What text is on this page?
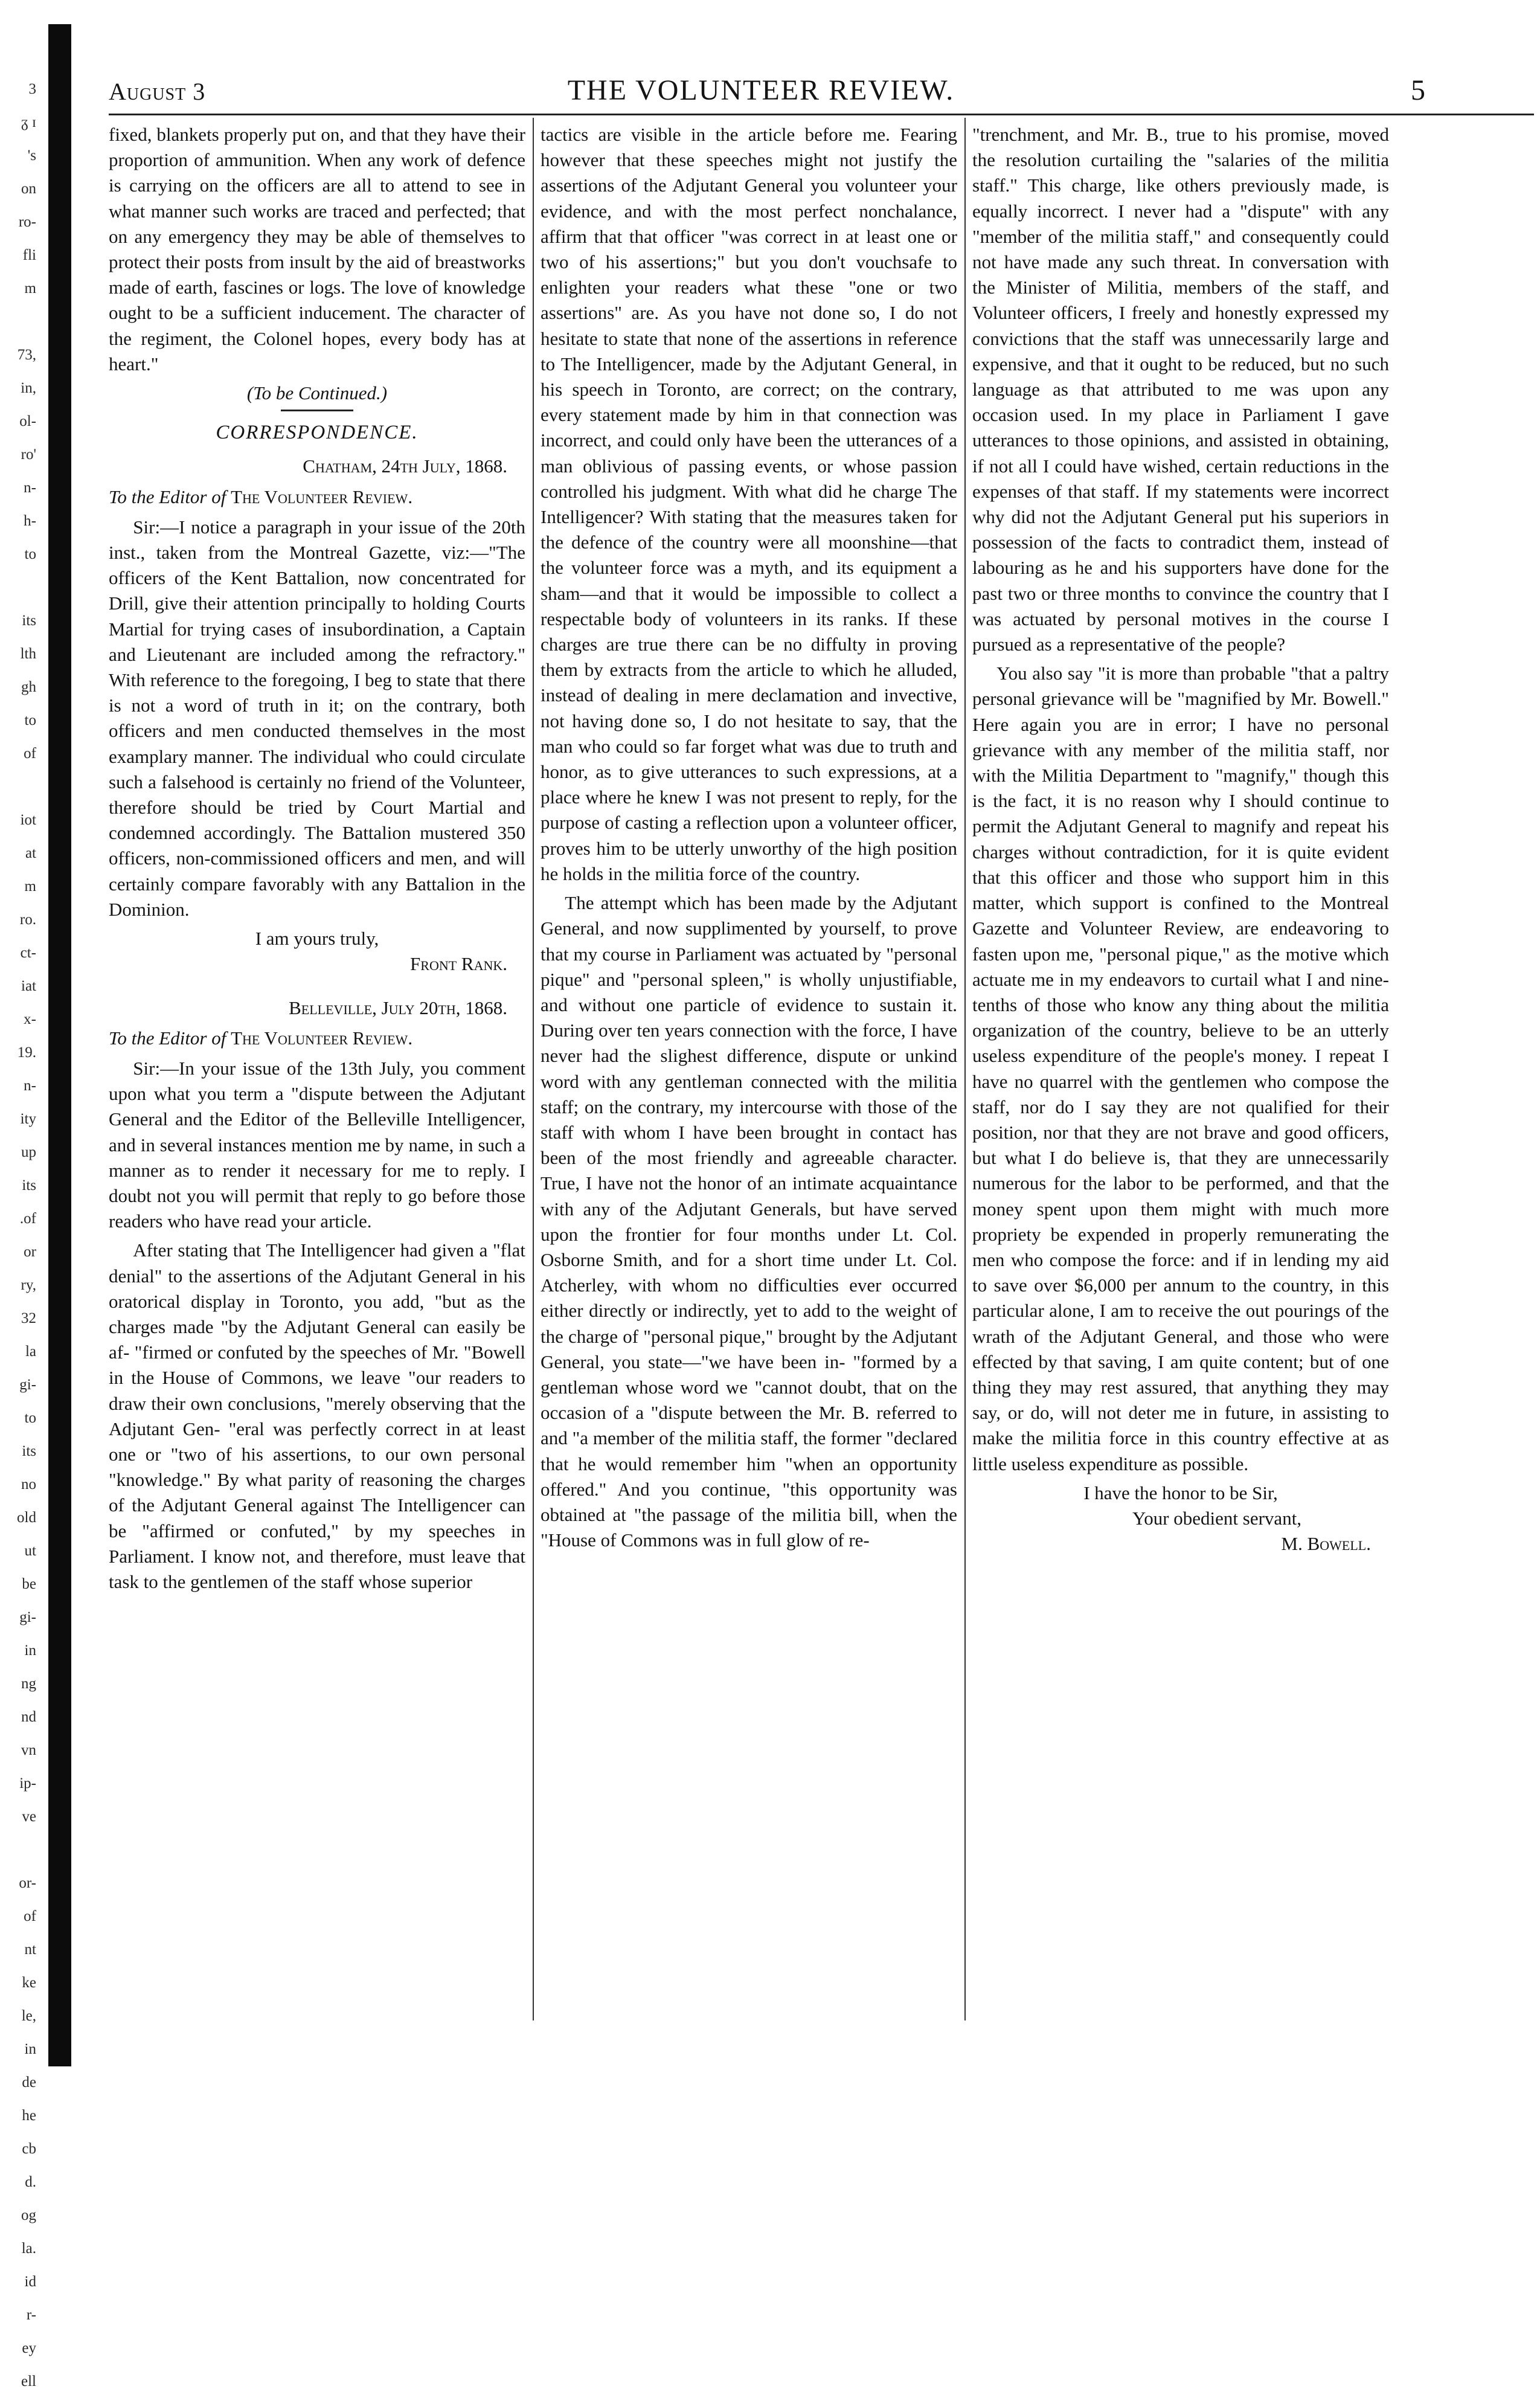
3
ᵹ ɪ
's
on
ro-
fli
m

73,
in,
ol-
ro'
n-
h-
to

its
lth
gh
to
of

iot
at
m
ro.
ct-
iat
x-
19.
n-
ity
up
its
.of
or
ry,
32
la
gi-
to
its
no
old
ut
be
gi-
in
ng
nd
vn
ip-
ve

or-
of
nt
ke
le,
in
de
he
cb
d.
og
la.
id
r-
ey
ell
August 3	THE VOLUNTEER REVIEW.	5

fixed, blankets properly put on, and that they have their proportion of ammunition. When any work of defence is carrying on the officers are all to attend to see in what manner such works are traced and perfected; that on any emergency they may be able of themselves to protect their posts from insult by the aid of breastworks made of earth, fascines or logs. The love of knowledge ought to be a sufficient inducement. The character of the regiment, the Colonel hopes, every body has at heart."

(To be Continued.)
CORRESPONDENCE.
Chatham, 24th July, 1868.
To the Editor of The Volunteer Review.

Sir:—I notice a paragraph in your issue of the 20th inst., taken from the Montreal Gazette, viz:—"The officers of the Kent Battalion, now concentrated for Drill, give their attention principally to holding Courts Martial for trying cases of insubordination, a Captain and Lieutenant are included among the refractory." With reference to the foregoing, I beg to state that there is not a word of truth in it; on the contrary, both officers and men conducted themselves in the most examplary manner. The individual who could circulate such a falsehood is certainly no friend of the Volunteer, therefore should be tried by Court Martial and condemned accordingly. The Battalion mustered 350 officers, non-commissioned officers and men, and will certainly compare favorably with any Battalion in the Dominion.

I am yours truly,
Front Rank.
Belleville, July 20th, 1868.
To the Editor of The Volunteer Review.

Sir:—In your issue of the 13th July, you comment upon what you term a "dispute between the Adjutant General and the Editor of the Belleville Intelligencer, and in several instances mention me by name, in such a manner as to render it necessary for me to reply. I doubt not you will permit that reply to go before those readers who have read your article.

After stating that The Intelligencer had given a "flat denial" to the assertions of the Adjutant General in his oratorical display in Toronto, you add, "but as the charges made "by the Adjutant General can easily be af- "firmed or confuted by the speeches of Mr. "Bowell in the House of Commons, we leave "our readers to draw their own conclusions, "merely observing that the Adjutant Gen- "eral was perfectly correct in at least one or "two of his assertions, to our own personal "knowledge." By what parity of reasoning the charges of the Adjutant General against The Intelligencer can be "affirmed or confuted," by my speeches in Parliament. I know not, and therefore, must leave that task to the gentlemen of the staff whose superior

tactics are visible in the article before me. Fearing however that these speeches might not justify the assertions of the Adjutant General you volunteer your evidence, and with the most perfect nonchalance, affirm that that officer "was correct in at least one or two of his assertions;" but you don't vouchsafe to enlighten your readers what these "one or two assertions" are. As you have not done so, I do not hesitate to state that none of the assertions in reference to The Intelligencer, made by the Adjutant General, in his speech in Toronto, are correct; on the contrary, every statement made by him in that connection was incorrect, and could only have been the utterances of a man oblivious of passing events, or whose passion controlled his judgment. With what did he charge The Intelligencer? With stating that the measures taken for the defence of the country were all moonshine—that the volunteer force was a myth, and its equipment a sham—and that it would be impossible to collect a respectable body of volunteers in its ranks. If these charges are true there can be no diffulty in proving them by extracts from the article to which he alluded, instead of dealing in mere declamation and invective, not having done so, I do not hesitate to say, that the man who could so far forget what was due to truth and honor, as to give utterances to such expressions, at a place where he knew I was not present to reply, for the purpose of casting a reflection upon a volunteer officer, proves him to be utterly unworthy of the high position he holds in the militia force of the country.

The attempt which has been made by the Adjutant General, and now supplimented by yourself, to prove that my course in Parliament was actuated by "personal pique" and "personal spleen," is wholly unjustifiable, and without one particle of evidence to sustain it. During over ten years connection with the force, I have never had the slighest difference, dispute or unkind word with any gentleman connected with the militia staff; on the contrary, my intercourse with those of the staff with whom I have been brought in contact has been of the most friendly and agreeable character. True, I have not the honor of an intimate acquaintance with any of the Adjutant Generals, but have served upon the frontier for four months under Lt. Col. Osborne Smith, and for a short time under Lt. Col. Atcherley, with whom no difficulties ever occurred either directly or indirectly, yet to add to the weight of the charge of "personal pique," brought by the Adjutant General, you state—"we have been in- "formed by a gentleman whose word we "cannot doubt, that on the occasion of a "dispute between the Mr. B. referred to and "a member of the militia staff, the former "declared that he would remember him "when an opportunity offered." And you continue, "this opportunity was obtained at "the passage of the militia bill, when the "House of Commons was in full glow of re-

"trenchment, and Mr. B., true to his promise, moved the resolution curtailing the "salaries of the militia staff." This charge, like others previously made, is equally incorrect. I never had a "dispute" with any "member of the militia staff," and consequently could not have made any such threat. In conversation with the Minister of Militia, members of the staff, and Volunteer officers, I freely and honestly expressed my convictions that the staff was unnecessarily large and expensive, and that it ought to be reduced, but no such language as that attributed to me was upon any occasion used. In my place in Parliament I gave utterances to those opinions, and assisted in obtaining, if not all I could have wished, certain reductions in the expenses of that staff. If my statements were incorrect why did not the Adjutant General put his superiors in possession of the facts to contradict them, instead of labouring as he and his supporters have done for the past two or three months to convince the country that I was actuated by personal motives in the course I pursued as a representative of the people?

You also say "it is more than probable "that a paltry personal grievance will be "magnified by Mr. Bowell." Here again you are in error; I have no personal grievance with any member of the militia staff, nor with the Militia Department to "magnify," though this is the fact, it is no reason why I should continue to permit the Adjutant General to magnify and repeat his charges without contradiction, for it is quite evident that this officer and those who support him in this matter, which support is confined to the Montreal Gazette and Volunteer Review, are endeavoring to fasten upon me, "personal pique," as the motive which actuate me in my endeavors to curtail what I and nine-tenths of those who know any thing about the militia organization of the country, believe to be an utterly useless expenditure of the people's money. I repeat I have no quarrel with the gentlemen who compose the staff, nor do I say they are not qualified for their position, nor that they are not brave and good officers, but what I do believe is, that they are unnecessarily numerous for the labor to be performed, and that the money spent upon them might with much more propriety be expended in properly remunerating the men who compose the force: and if in lending my aid to save over $6,000 per annum to the country, in this particular alone, I am to receive the out pourings of the wrath of the Adjutant General, and those who were effected by that saving, I am quite content; but of one thing they may rest assured, that anything they may say, or do, will not deter me in future, in assisting to make the militia force in this country effective at as little useless expenditure as possible.

I have the honor to be Sir,
Your obedient servant,
M. Bowell.
